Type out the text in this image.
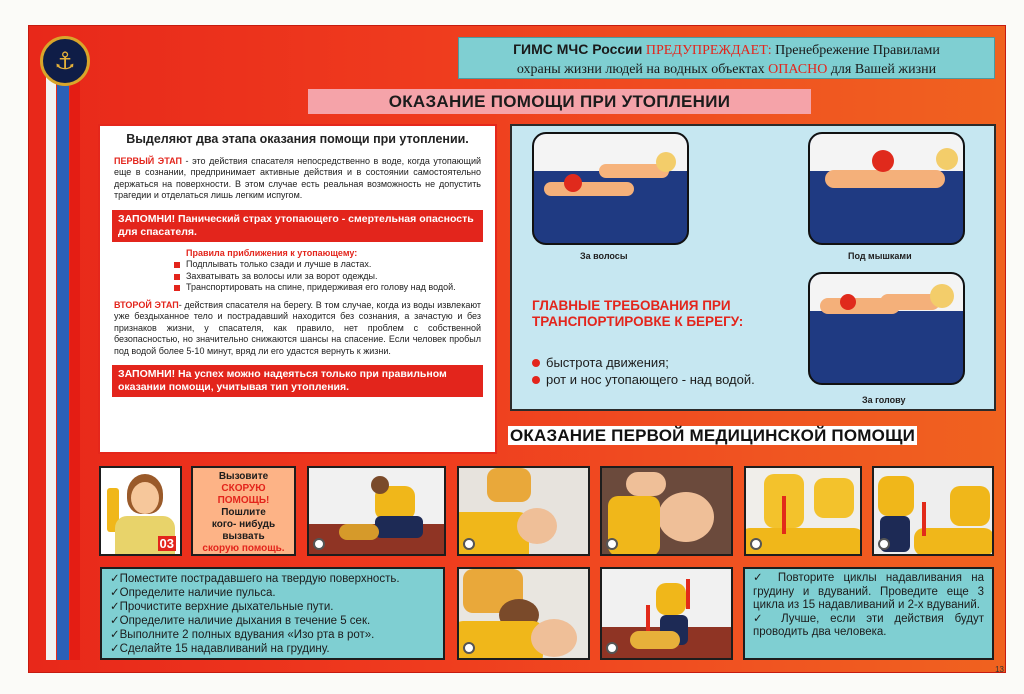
⚓	ГИМС МЧС России ПРЕДУПРЕЖДАЕТ: Пренебрежение Правилами
охраны жизни людей на водных объектах ОПАСНО для Вашей жизни
ОКАЗАНИЕ ПОМОЩИ ПРИ УТОПЛЕНИИ
Выделяют два этапа оказания помощи при утоплении.

ПЕРВЫЙ ЭТАП - это действия спасателя непосредственно в воде, когда утопающий еще в сознании, предпринимает активные действия и в состоянии самостоятельно держаться на поверхности. В этом случае есть реальная возможность не допустить трагедии и отделаться лишь легким испугом.

ЗАПОМНИ! Панический страх утопающего - смертельная опасность для спасателя.
Правила приближения к утопающему:
Подплывать только сзади и лучше в ластах.
Захватывать за волосы или за ворот одежды.
Транспортировать на спине, придерживая его голову над водой.

ВТОРОЙ ЭТАП- действия спасателя на берегу. В том случае, когда из воды извлекают уже бездыханное тело и пострадавший находится без сознания, а зачастую и без признаков жизни, у спасателя, как правило, нет проблем с собственной безопасностью, но значительно снижаются шансы на спасение. Если человек пробыл под водой более 5-10 минут, вряд ли его удастся вернуть к жизни.

ЗАПОМНИ! На успех можно надеяться только при правильном оказании помощи, учитывая тип утопления.
За волосы	Под мышками
За голову
ГЛАВНЫЕ ТРЕБОВАНИЯ ПРИ ТРАНСПОРТИРОВКЕ К БЕРЕГУ:
быстрота движения;
рот и нос утопающего - над водой.
ОКАЗАНИЕ ПЕРВОЙ МЕДИЦИНСКОЙ ПОМОЩИ
03
Вызовите
СКОРУЮ
ПОМОЩЬ!
Пошлите
кого- нибудь
вызвать
скорую помощь.
✓Поместите пострадавшего на твердую поверхность.
✓Определите наличие пульса.
✓Прочистите верхние дыхательные пути.
✓Определите наличие дыхания в течение 5 сек.
✓Выполните 2 полных вдувания «Изо рта в рот».
✓Сделайте 15 надавливаний на грудину.
✓ Повторите циклы надавливания на грудину и вдуваний. Проведите еще 3 цикла из 15 надавливаний и 2-х вдуваний.
✓ Лучше, если эти действия будут проводить два человека.
13
